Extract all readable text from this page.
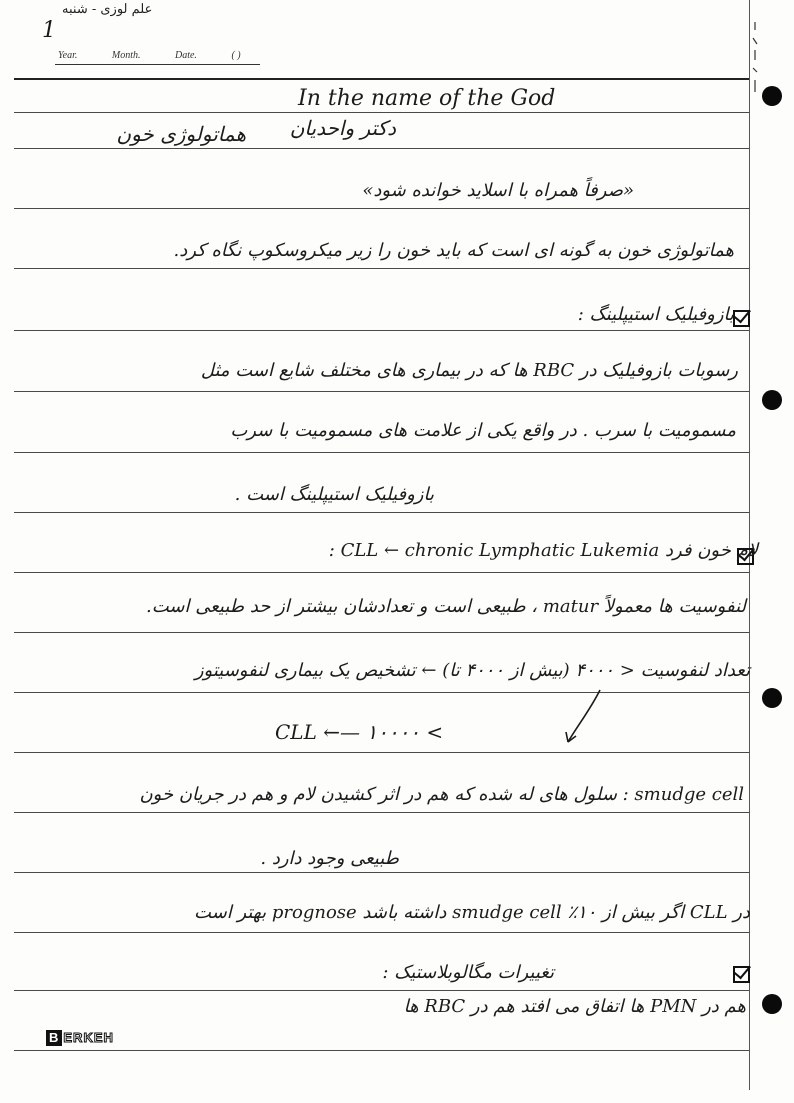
علم لوزی - شنبه
1
Year.	Month.	Date.	( )
In the name of the God
هماتولوژی خون دکتر واحدیان
«صرفاً همراه با اسلاید خوانده شود»
هماتولوژی خون به گونه ای است که باید خون را زیر میکروسکوپ نگاه کرد.
بازوفیلیک استیپلینگ :
رسوبات بازوفیلیک در RBC ها که در بیماری های مختلف شایع است مثل
مسمومیت با سرب . در واقع یکی از علامت های مسمومیت با سرب
بازوفیلیک استیپلینگ است .
لام خون فرد CLL ← chronic Lymphatic Lukemia :
لنفوسیت ها معمولاً matur ، طبیعی است و تعدادشان بیشتر از حد طبیعی است.
تعداد لنفوسیت < ۴۰۰۰ (بیش از ۴۰۰۰ تا) ← تشخیص یک بیماری لنفوسیتوز
CLL ←— ۱۰۰۰۰ <
smudge cell : سلول های له شده که هم در اثر کشیدن لام و هم در جریان خون
طبیعی وجود دارد .
در CLL اگر بیش از ۱۰٪ smudge cell داشته باشد prognose بهتر است
تغییرات مگالوبلاستیک :
هم در PMN ها اتفاق می افتد هم در RBC ها
B ERKEH
